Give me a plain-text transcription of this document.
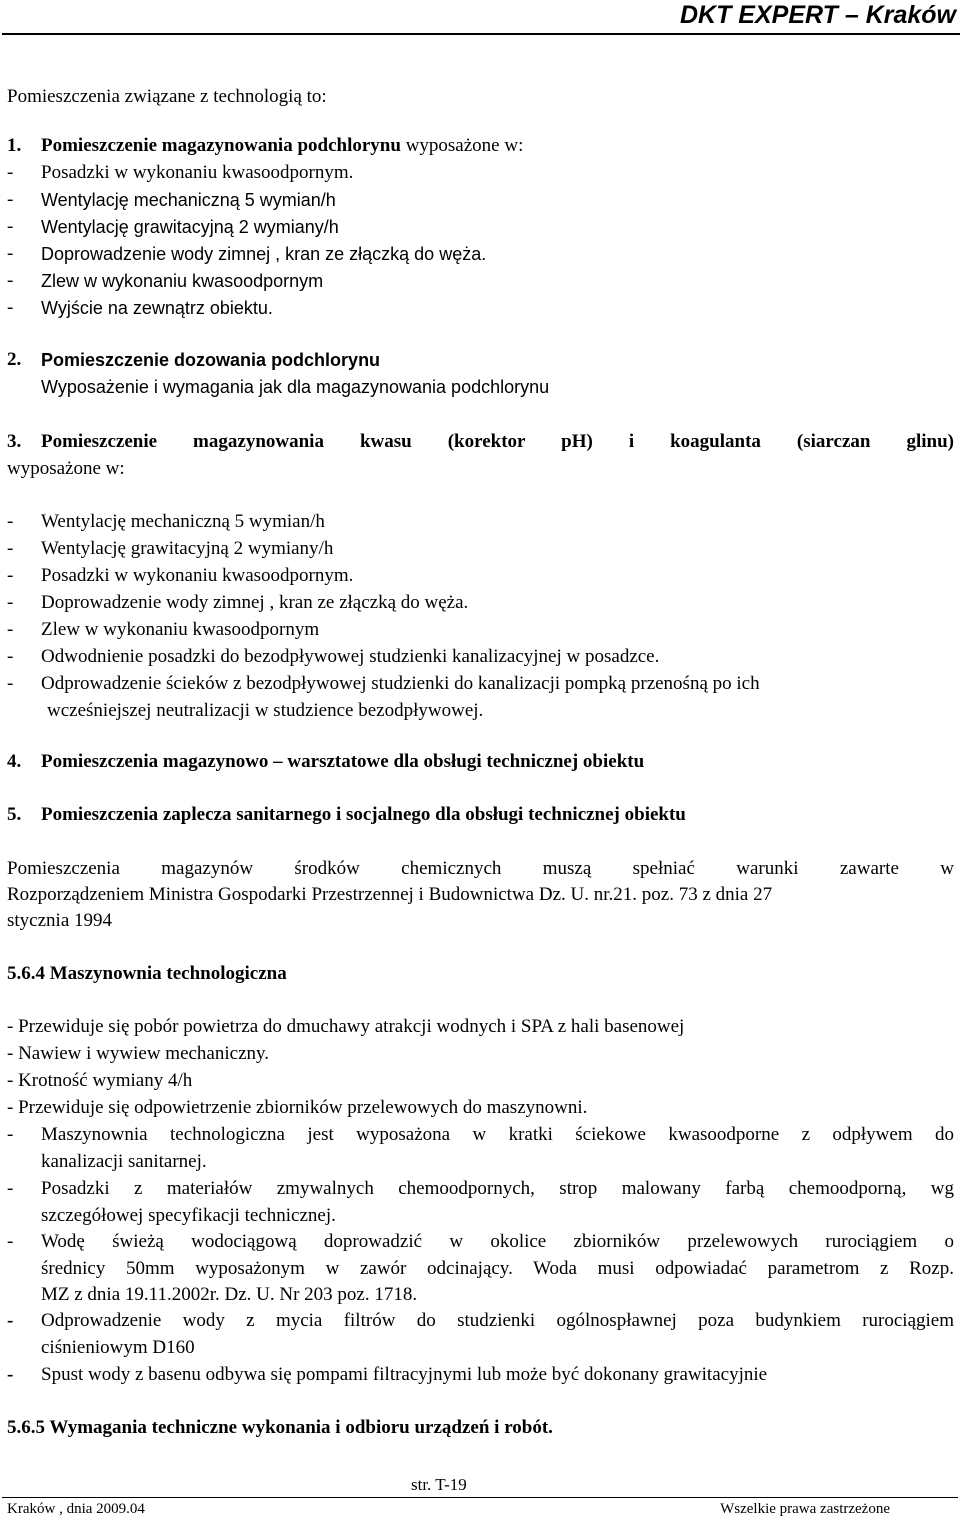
DKT EXPERT – Kraków
Pomieszczenia związane z technologią to:
1. Pomieszczenie magazynowania podchlorynu wyposażone w:
- Posadzki w wykonaniu kwasoodpornym.
- Wentylację mechaniczną 5 wymian/h
- Wentylację grawitacyjną 2 wymiany/h
- Doprowadzenie wody zimnej , kran ze złączką do węża.
- Zlew w wykonaniu kwasoodpornym
- Wyjście na zewnątrz obiektu.
2. Pomieszczenie dozowania podchlorynu
Wyposażenie i wymagania jak dla magazynowania podchlorynu
3. Pomieszczenie magazynowania kwasu (korektor pH) i koagulanta (siarczan glinu)
wyposażone w:
- Wentylację mechaniczną 5 wymian/h
- Wentylację grawitacyjną 2 wymiany/h
- Posadzki w wykonaniu kwasoodpornym.
- Doprowadzenie wody zimnej , kran ze złączką do węża.
- Zlew w wykonaniu kwasoodpornym
- Odwodnienie posadzki do bezodpływowej studzienki kanalizacyjnej w posadzce.
- Odprowadzenie ścieków z bezodpływowej studzienki do kanalizacji pompką przenośną po ich
wcześniejszej neutralizacji w studzience bezodpływowej.
4. Pomieszczenia magazynowo – warsztatowe dla obsługi technicznej obiektu
5. Pomieszczenia zaplecza sanitarnego i socjalnego dla obsługi technicznej obiektu
Pomieszczenia magazynów środków chemicznych muszą spełniać warunki zawarte w
Rozporządzeniem Ministra Gospodarki Przestrzennej i Budownictwa Dz. U. nr.21. poz. 73 z dnia 27
stycznia 1994
5.6.4 Maszynownia technologiczna
- Przewiduje się pobór powietrza do dmuchawy atrakcji wodnych i SPA z hali basenowej
- Nawiew i wywiew mechaniczny.
- Krotność wymiany 4/h
- Przewiduje się odpowietrzenie zbiorników przelewowych do maszynowni.
- Maszynownia technologiczna jest wyposażona w kratki ściekowe kwasoodporne z odpływem do
kanalizacji sanitarnej.
- Posadzki z materiałów zmywalnych chemoodpornych, strop malowany farbą chemoodporną, wg
szczegółowej specyfikacji technicznej.
- Wodę świeżą wodociągową doprowadzić w okolice zbiorników przelewowych rurociągiem o
średnicy 50mm wyposażonym w zawór odcinający. Woda musi odpowiadać parametrom z Rozp.
MZ z dnia 19.11.2002r. Dz. U. Nr 203 poz. 1718.
- Odprowadzenie wody z mycia filtrów do studzienki ogólnospławnej poza budynkiem rurociągiem
ciśnieniowym D160
- Spust wody z basenu odbywa się pompami filtracyjnymi lub może być dokonany grawitacyjnie
5.6.5 Wymagania techniczne wykonania i odbioru urządzeń i robót.
str. T-19
Kraków , dnia 2009.04	Wszelkie prawa zastrzeżone
